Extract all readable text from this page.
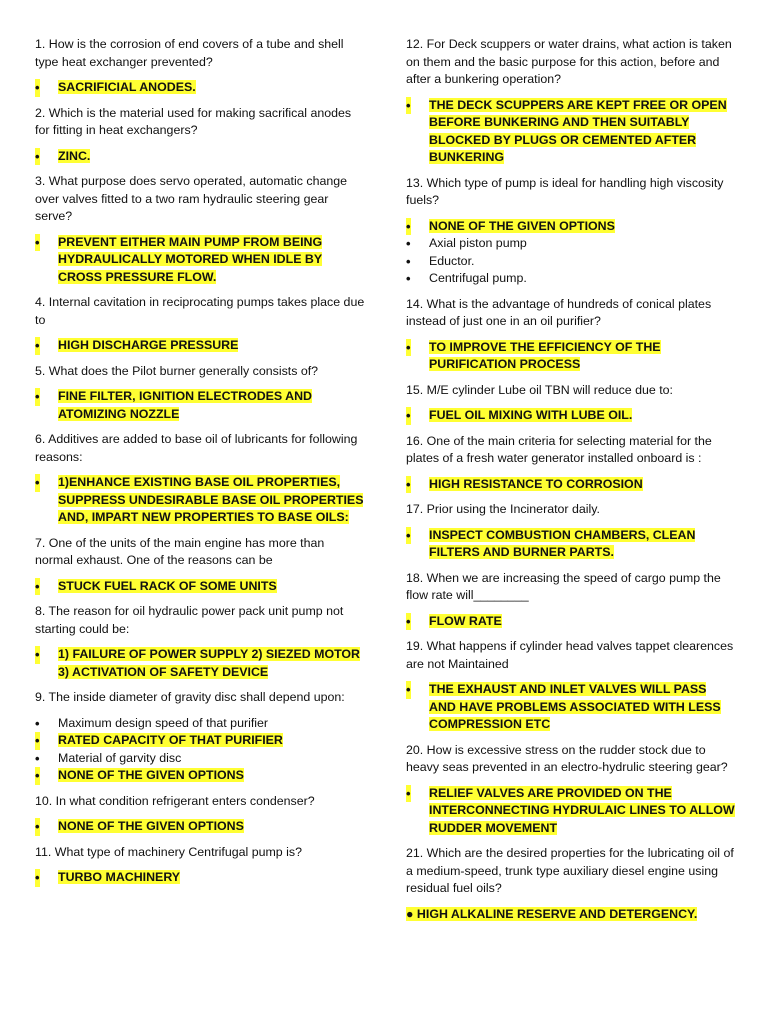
1. How is the corrosion of end covers of a tube and shell type heat exchanger prevented?

• SACRIFICIAL ANODES.

2. Which is the material used for making sacrifical anodes for fitting in heat exchangers?

• ZINC.

3. What purpose does servo operated, automatic change over valves fitted to a two ram hydraulic steering gear serve?

• PREVENT EITHER MAIN PUMP FROM BEING HYDRAULICALLY MOTORED WHEN IDLE BY CROSS PRESSURE FLOW.

4. Internal cavitation in reciprocating pumps takes place due to

• HIGH DISCHARGE PRESSURE

5. What does the Pilot burner generally consists of?

• FINE FILTER, IGNITION ELECTRODES AND ATOMIZING NOZZLE

6. Additives are added to base oil of lubricants for following reasons:

• 1)ENHANCE EXISTING BASE OIL PROPERTIES, SUPPRESS UNDESIRABLE BASE OIL PROPERTIES AND, IMPART NEW PROPERTIES TO BASE OILS:

7. One of the units of the main engine has more than normal exhaust. One of the reasons can be

• STUCK FUEL RACK OF SOME UNITS

8. The reason for oil hydraulic power pack unit pump not starting could be:

• 1) FAILURE OF POWER SUPPLY 2) SIEZED MOTOR 3) ACTIVATION OF SAFETY DEVICE

9. The inside diameter of gravity disc shall depend upon:

• Maximum design speed of that purifier
• RATED CAPACITY OF THAT PURIFIER
• Material of garvity disc
• NONE OF THE GIVEN OPTIONS

10. In what condition refrigerant enters condenser?

• NONE OF THE GIVEN OPTIONS

11. What type of machinery Centrifugal pump is?

• TURBO MACHINERY

12. For Deck scuppers or water drains, what action is taken on them and the basic purpose for this action, before and after a bunkering operation?

• THE DECK SCUPPERS ARE KEPT FREE OR OPEN BEFORE BUNKERING AND THEN SUITABLY BLOCKED BY PLUGS OR CEMENTED AFTER BUNKERING

13. Which type of pump is ideal for handling high viscosity fuels?

• NONE OF THE GIVEN OPTIONS
• Axial piston pump
• Eductor.
• Centrifugal pump.

14. What is the advantage of hundreds of conical plates instead of just one in an oil purifier?

• TO IMPROVE THE EFFICIENCY OF THE PURIFICATION PROCESS

15. M/E cylinder Lube oil TBN will reduce due to:

• FUEL OIL MIXING WITH LUBE OIL.

16. One of the main criteria for selecting material for the plates of a fresh water generator installed onboard is :

• HIGH RESISTANCE TO CORROSION

17. Prior using the Incinerator daily.

• INSPECT COMBUSTION CHAMBERS, CLEAN FILTERS AND BURNER PARTS.

18. When we are increasing the speed of cargo pump the flow rate will________

• FLOW RATE

19. What happens if cylinder head valves tappet clearences are not Maintained

• THE EXHAUST AND INLET VALVES WILL PASS AND HAVE PROBLEMS ASSOCIATED WITH LESS COMPRESSION ETC

20. How is excessive stress on the rudder stock due to heavy seas prevented in an electro-hydrulic steering gear?

• RELIEF VALVES ARE PROVIDED ON THE INTERCONNECTING HYDRULAIC LINES TO ALLOW RUDDER MOVEMENT

21. Which are the desired properties for the lubricating oil of a medium-speed, trunk type auxiliary diesel engine using residual fuel oils?

● HIGH ALKALINE RESERVE AND DETERGENCY.
